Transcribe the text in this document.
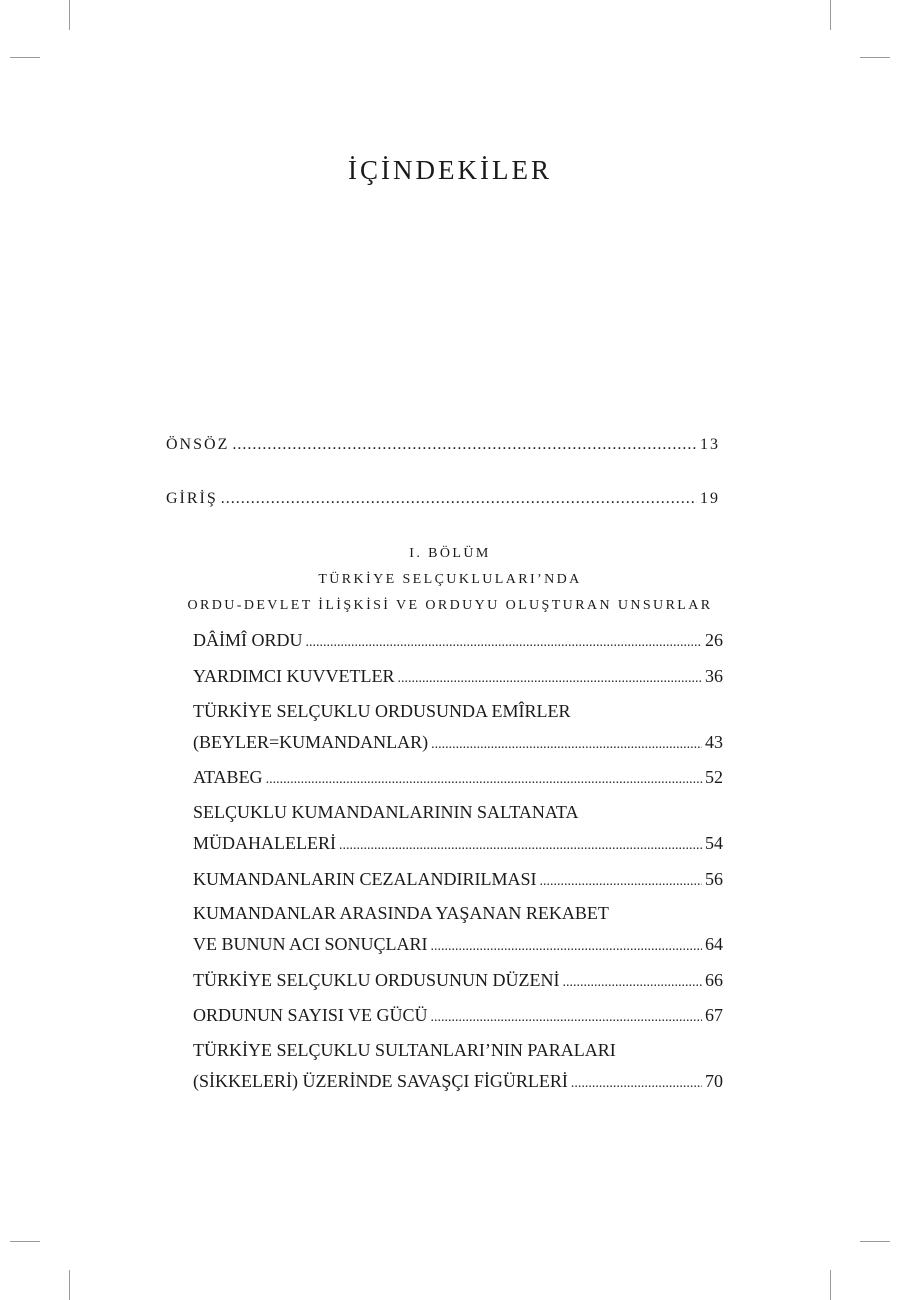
İÇİNDEKİLER
ÖNSÖZ .....	13
GİRİŞ .....	19
I. BÖLÜM
TÜRKİYE SELÇUKLULARI’NDA
ORDU-DEVLET İLİŞKİSİ VE ORDUYU OLUŞTURAN UNSURLAR
DÂİMÎ ORDU .....	26
YARDIMCI KUVVETLER .....	36
TÜRKİYE SELÇUKLU ORDUSUNDA EMÎRLER
(BEYLER=KUMANDANLAR) .....	43
ATABEG .....	52
SELÇUKLU KUMANDANLARININ SALTANATA
MÜDAHALELERİ .....	54
KUMANDANLARIN CEZALANDIRILMASI .....	56
KUMANDANLAR ARASINDA YAŞANAN REKABET
VE BUNUN ACI SONUÇLARI .....	64
TÜRKİYE SELÇUKLU ORDUSUNUN DÜZENİ .....	66
ORDUNUN SAYISI VE GÜCÜ .....	67
TÜRKİYE SELÇUKLU SULTANLARI’NIN PARALARI
(SİKKELERİ) ÜZERİNDE SAVAŞÇI FİGÜRLERİ .....	70
